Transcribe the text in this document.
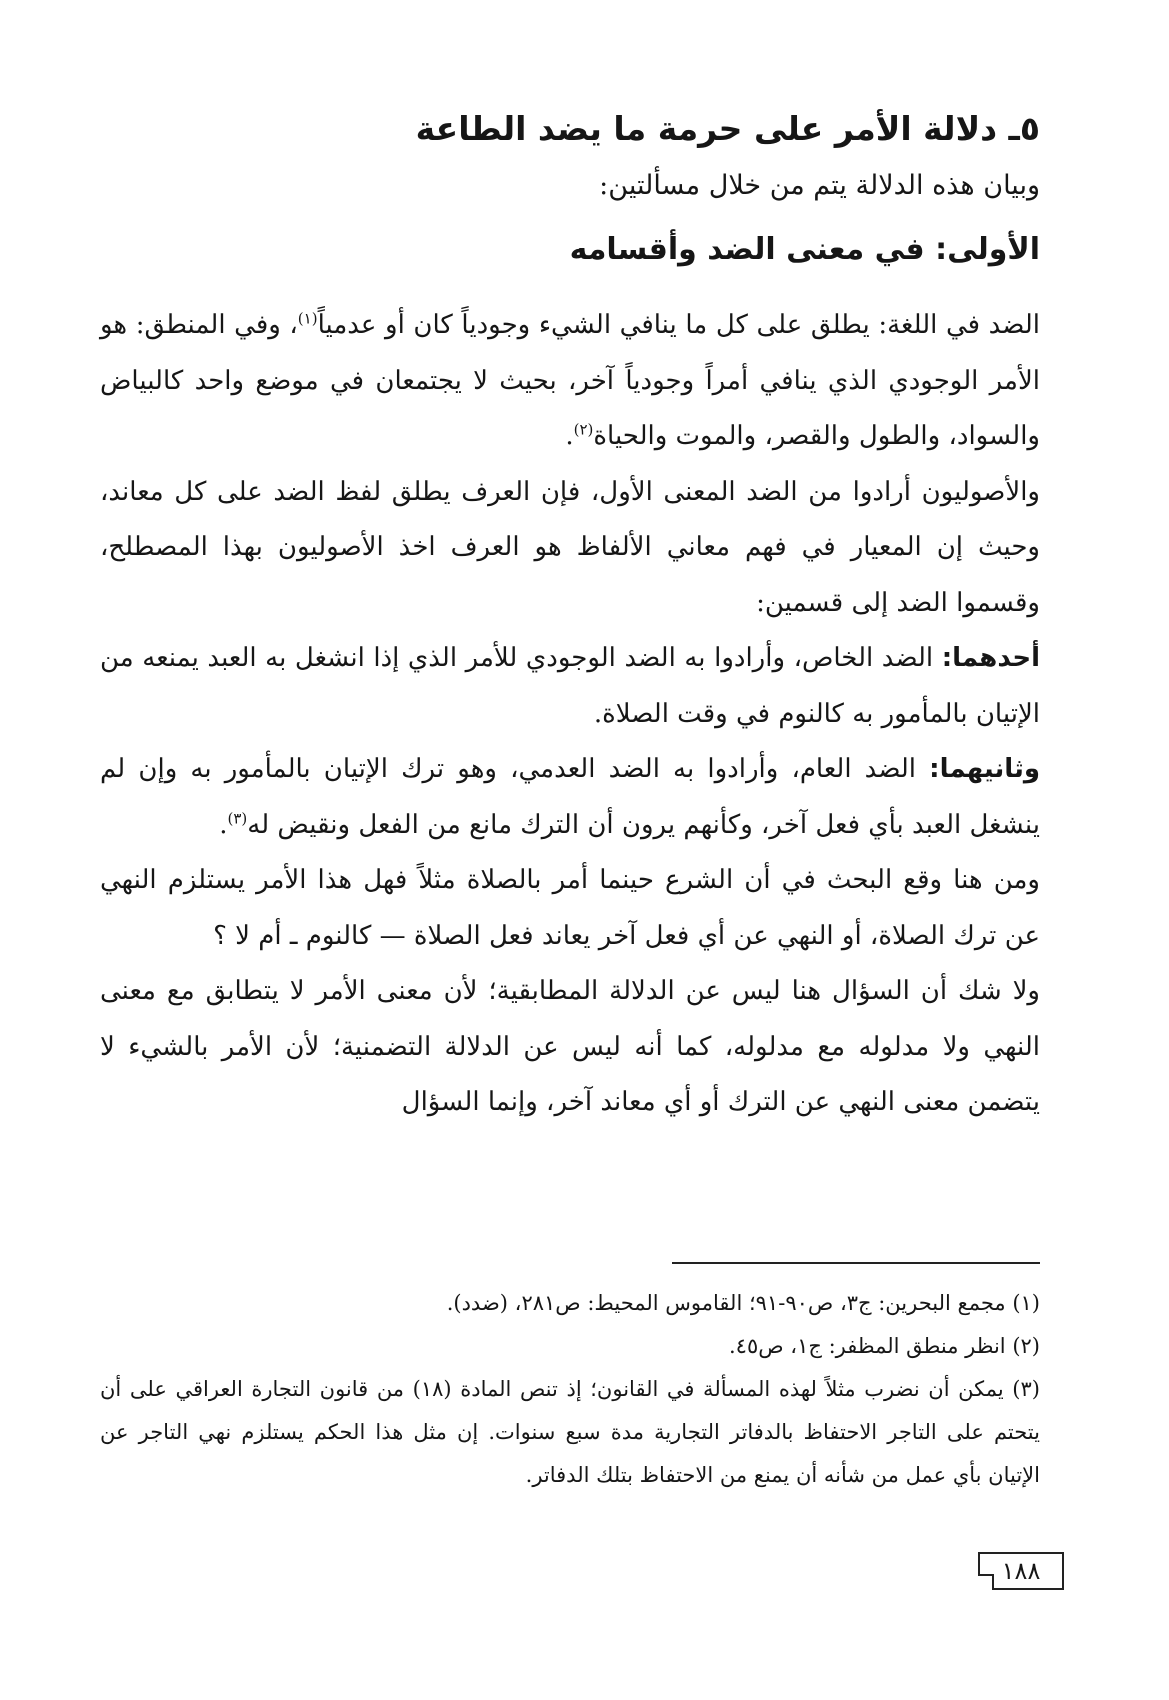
٥ـ دلالة الأمر على حرمة ما يضد الطاعة

وبيان هذه الدلالة يتم من خلال مسألتين:

الأولى: في معنى الضد وأقسامه

الضد في اللغة: يطلق على كل ما ينافي الشيء وجودياً كان أو عدمياً$^{(١)}$، وفي المنطق: هو الأمر الوجودي الذي ينافي أمراً وجودياً آخر، بحيث لا يجتمعان في موضع واحد كالبياض والسواد، والطول والقصر، والموت والحياة$^{(٢)}$.

والأصوليون أرادوا من الضد المعنى الأول، فإن العرف يطلق لفظ الضد على كل معاند، وحيث إن المعيار في فهم معاني الألفاظ هو العرف اخذ الأصوليون بهذا المصطلح، وقسموا الضد إلى قسمين:

أحدهما: الضد الخاص، وأرادوا به الضد الوجودي للأمر الذي إذا انشغل به العبد يمنعه من الإتيان بالمأمور به كالنوم في وقت الصلاة.

وثانيهما: الضد العام، وأرادوا به الضد العدمي، وهو ترك الإتيان بالمأمور به وإن لم ينشغل العبد بأي فعل آخر، وكأنهم يرون أن الترك مانع من الفعل ونقيض له$^{(٣)}$.

ومن هنا وقع البحث في أن الشرع حينما أمر بالصلاة مثلاً فهل هذا الأمر يستلزم النهي عن ترك الصلاة، أو النهي عن أي فعل آخر يعاند فعل الصلاة — كالنوم ـ أم لا ؟

ولا شك أن السؤال هنا ليس عن الدلالة المطابقية؛ لأن معنى الأمر لا يتطابق مع معنى النهي ولا مدلوله مع مدلوله، كما أنه ليس عن الدلالة التضمنية؛ لأن الأمر بالشيء لا يتضمن معنى النهي عن الترك أو أي معاند آخر، وإنما السؤال

(١) مجمع البحرين: ج٣، ص٩٠-٩١؛ القاموس المحيط: ص٢٨١، (ضدد).

(٢) انظر منطق المظفر: ج١، ص٤٥.

(٣) يمكن أن نضرب مثلاً لهذه المسألة في القانون؛ إذ تنص المادة (١٨) من قانون التجارة العراقي على أن يتحتم على التاجر الاحتفاظ بالدفاتر التجارية مدة سبع سنوات. إن مثل هذا الحكم يستلزم نهي التاجر عن الإتيان بأي عمل من شأنه أن يمنع من الاحتفاظ بتلك الدفاتر.

١٨٨
